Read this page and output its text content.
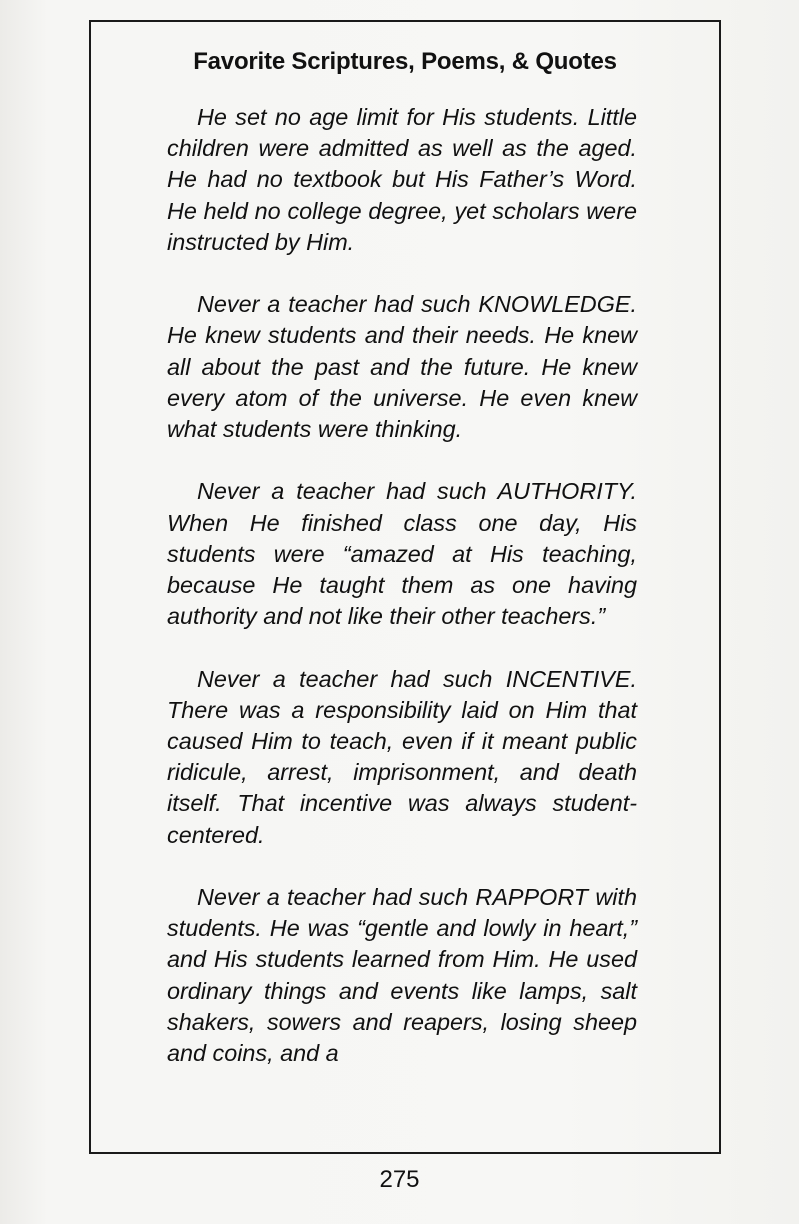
Favorite Scriptures, Poems, & Quotes

He set no age limit for His students. Little children were admitted as well as the aged. He had no textbook but His Father’s Word. He held no college degree, yet scholars were instructed by Him.

Never a teacher had such KNOWLEDGE. He knew students and their needs. He knew all about the past and the future. He knew every atom of the universe. He even knew what students were thinking.

Never a teacher had such AUTHORITY. When He finished class one day, His students were “amazed at His teaching, because He taught them as one having authority and not like their other teachers.”

Never a teacher had such INCENTIVE. There was a responsibility laid on Him that caused Him to teach, even if it meant public ridicule, arrest, imprisonment, and death itself. That incentive was always student-centered.

Never a teacher had such RAPPORT with students. He was “gentle and lowly in heart,” and His students learned from Him. He used ordinary things and events like lamps, salt shakers, sowers and reapers, losing sheep and coins, and a

275
